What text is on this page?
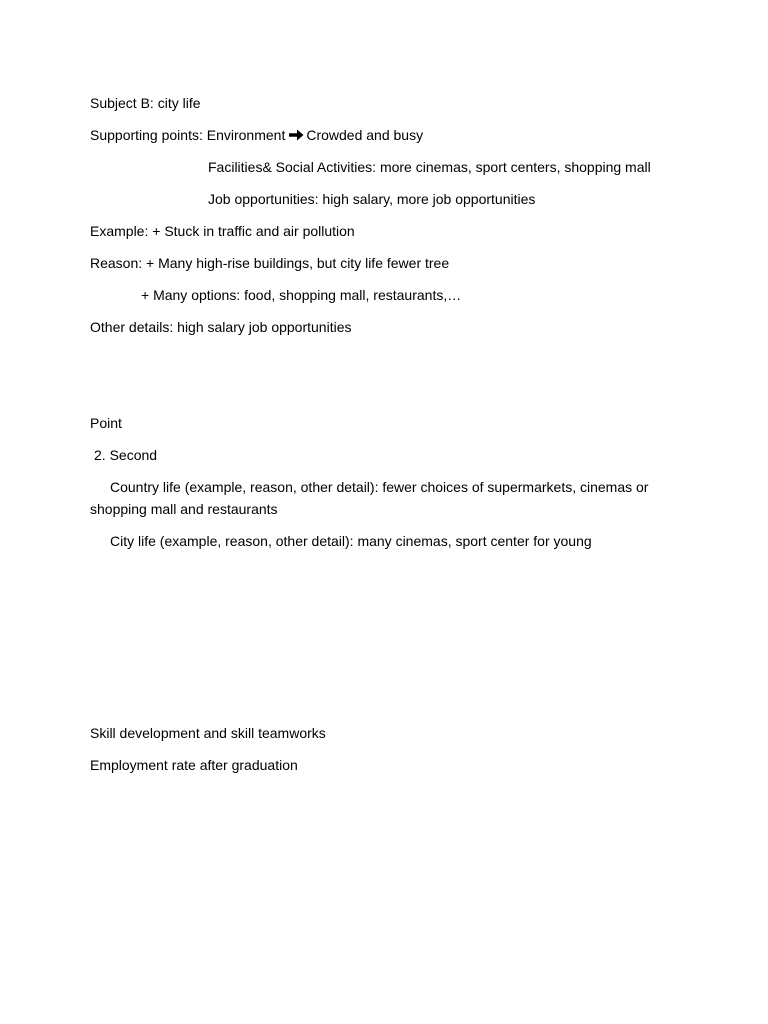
Subject B: city life
Supporting points: Environment Crowded and busy
Facilities& Social Activities: more cinemas, sport centers, shopping mall
Job opportunities: high salary, more job opportunities
Example: + Stuck in traffic and air pollution
Reason: + Many high-rise buildings, but city life fewer tree
+ Many options: food, shopping mall, restaurants,…
Other details: high salary job opportunities
Point
2. Second
Country life (example, reason, other detail): fewer choices of supermarkets, cinemas or shopping mall and restaurants
City life (example, reason, other detail): many cinemas, sport center for young
Skill development and skill teamworks
Employment rate after graduation
